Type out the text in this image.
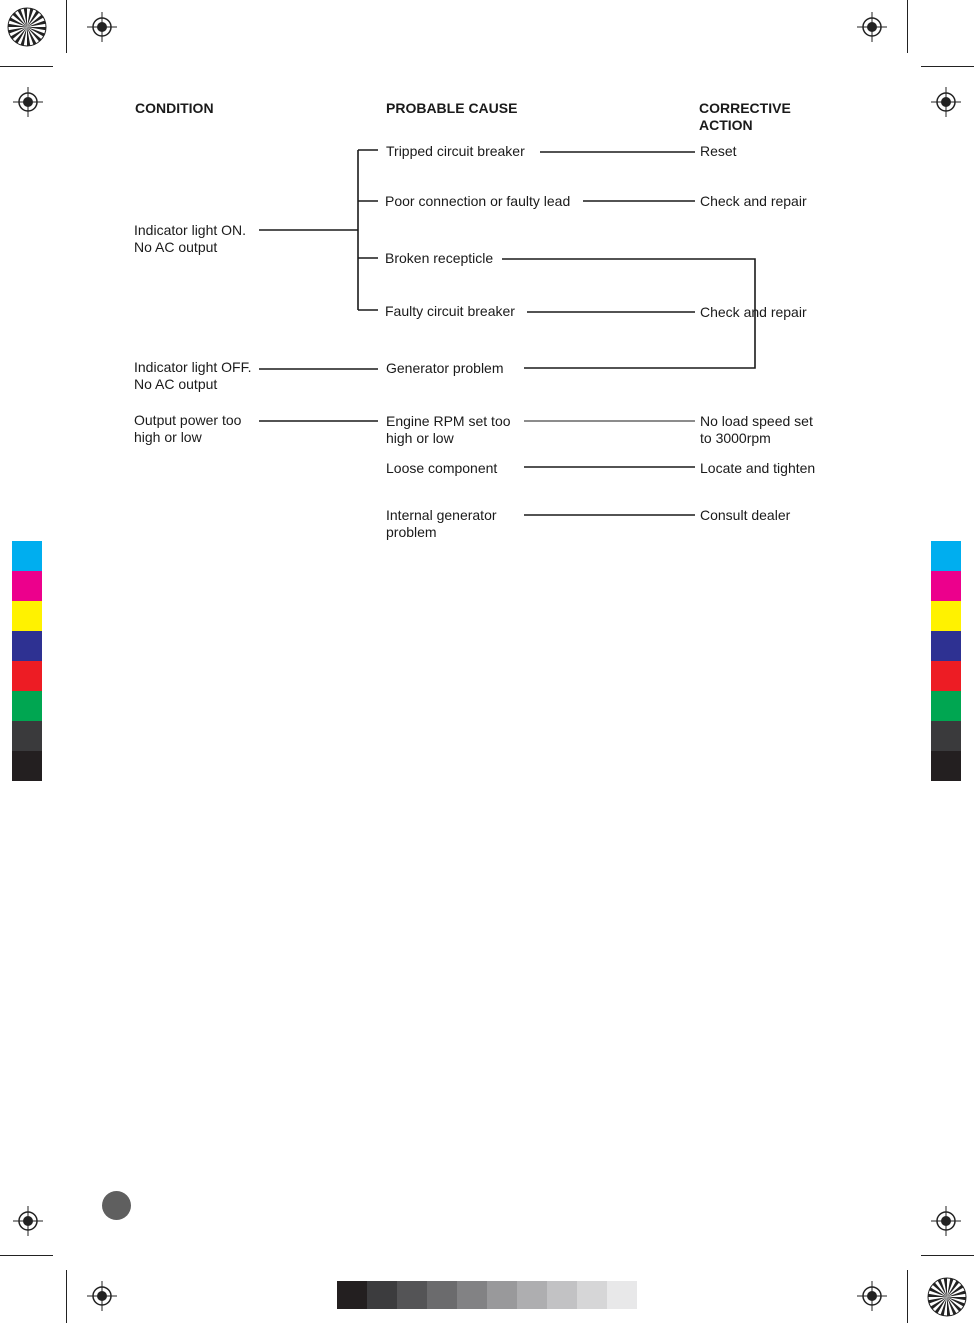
CONDITION	PROBABLE CAUSE	CORRECTIVE
ACTION
Indicator light ON.
No AC output
Indicator light OFF.
No AC output
Output power too
high or low
Tripped circuit breaker
Poor connection or faulty lead
Broken recepticle
Faulty circuit breaker
Generator problem
Engine RPM set too
high or low
Loose component
Internal generator
problem
Reset
Check and repair
Check and repair
No load speed set
to 3000rpm
Locate and tighten
Consult dealer
